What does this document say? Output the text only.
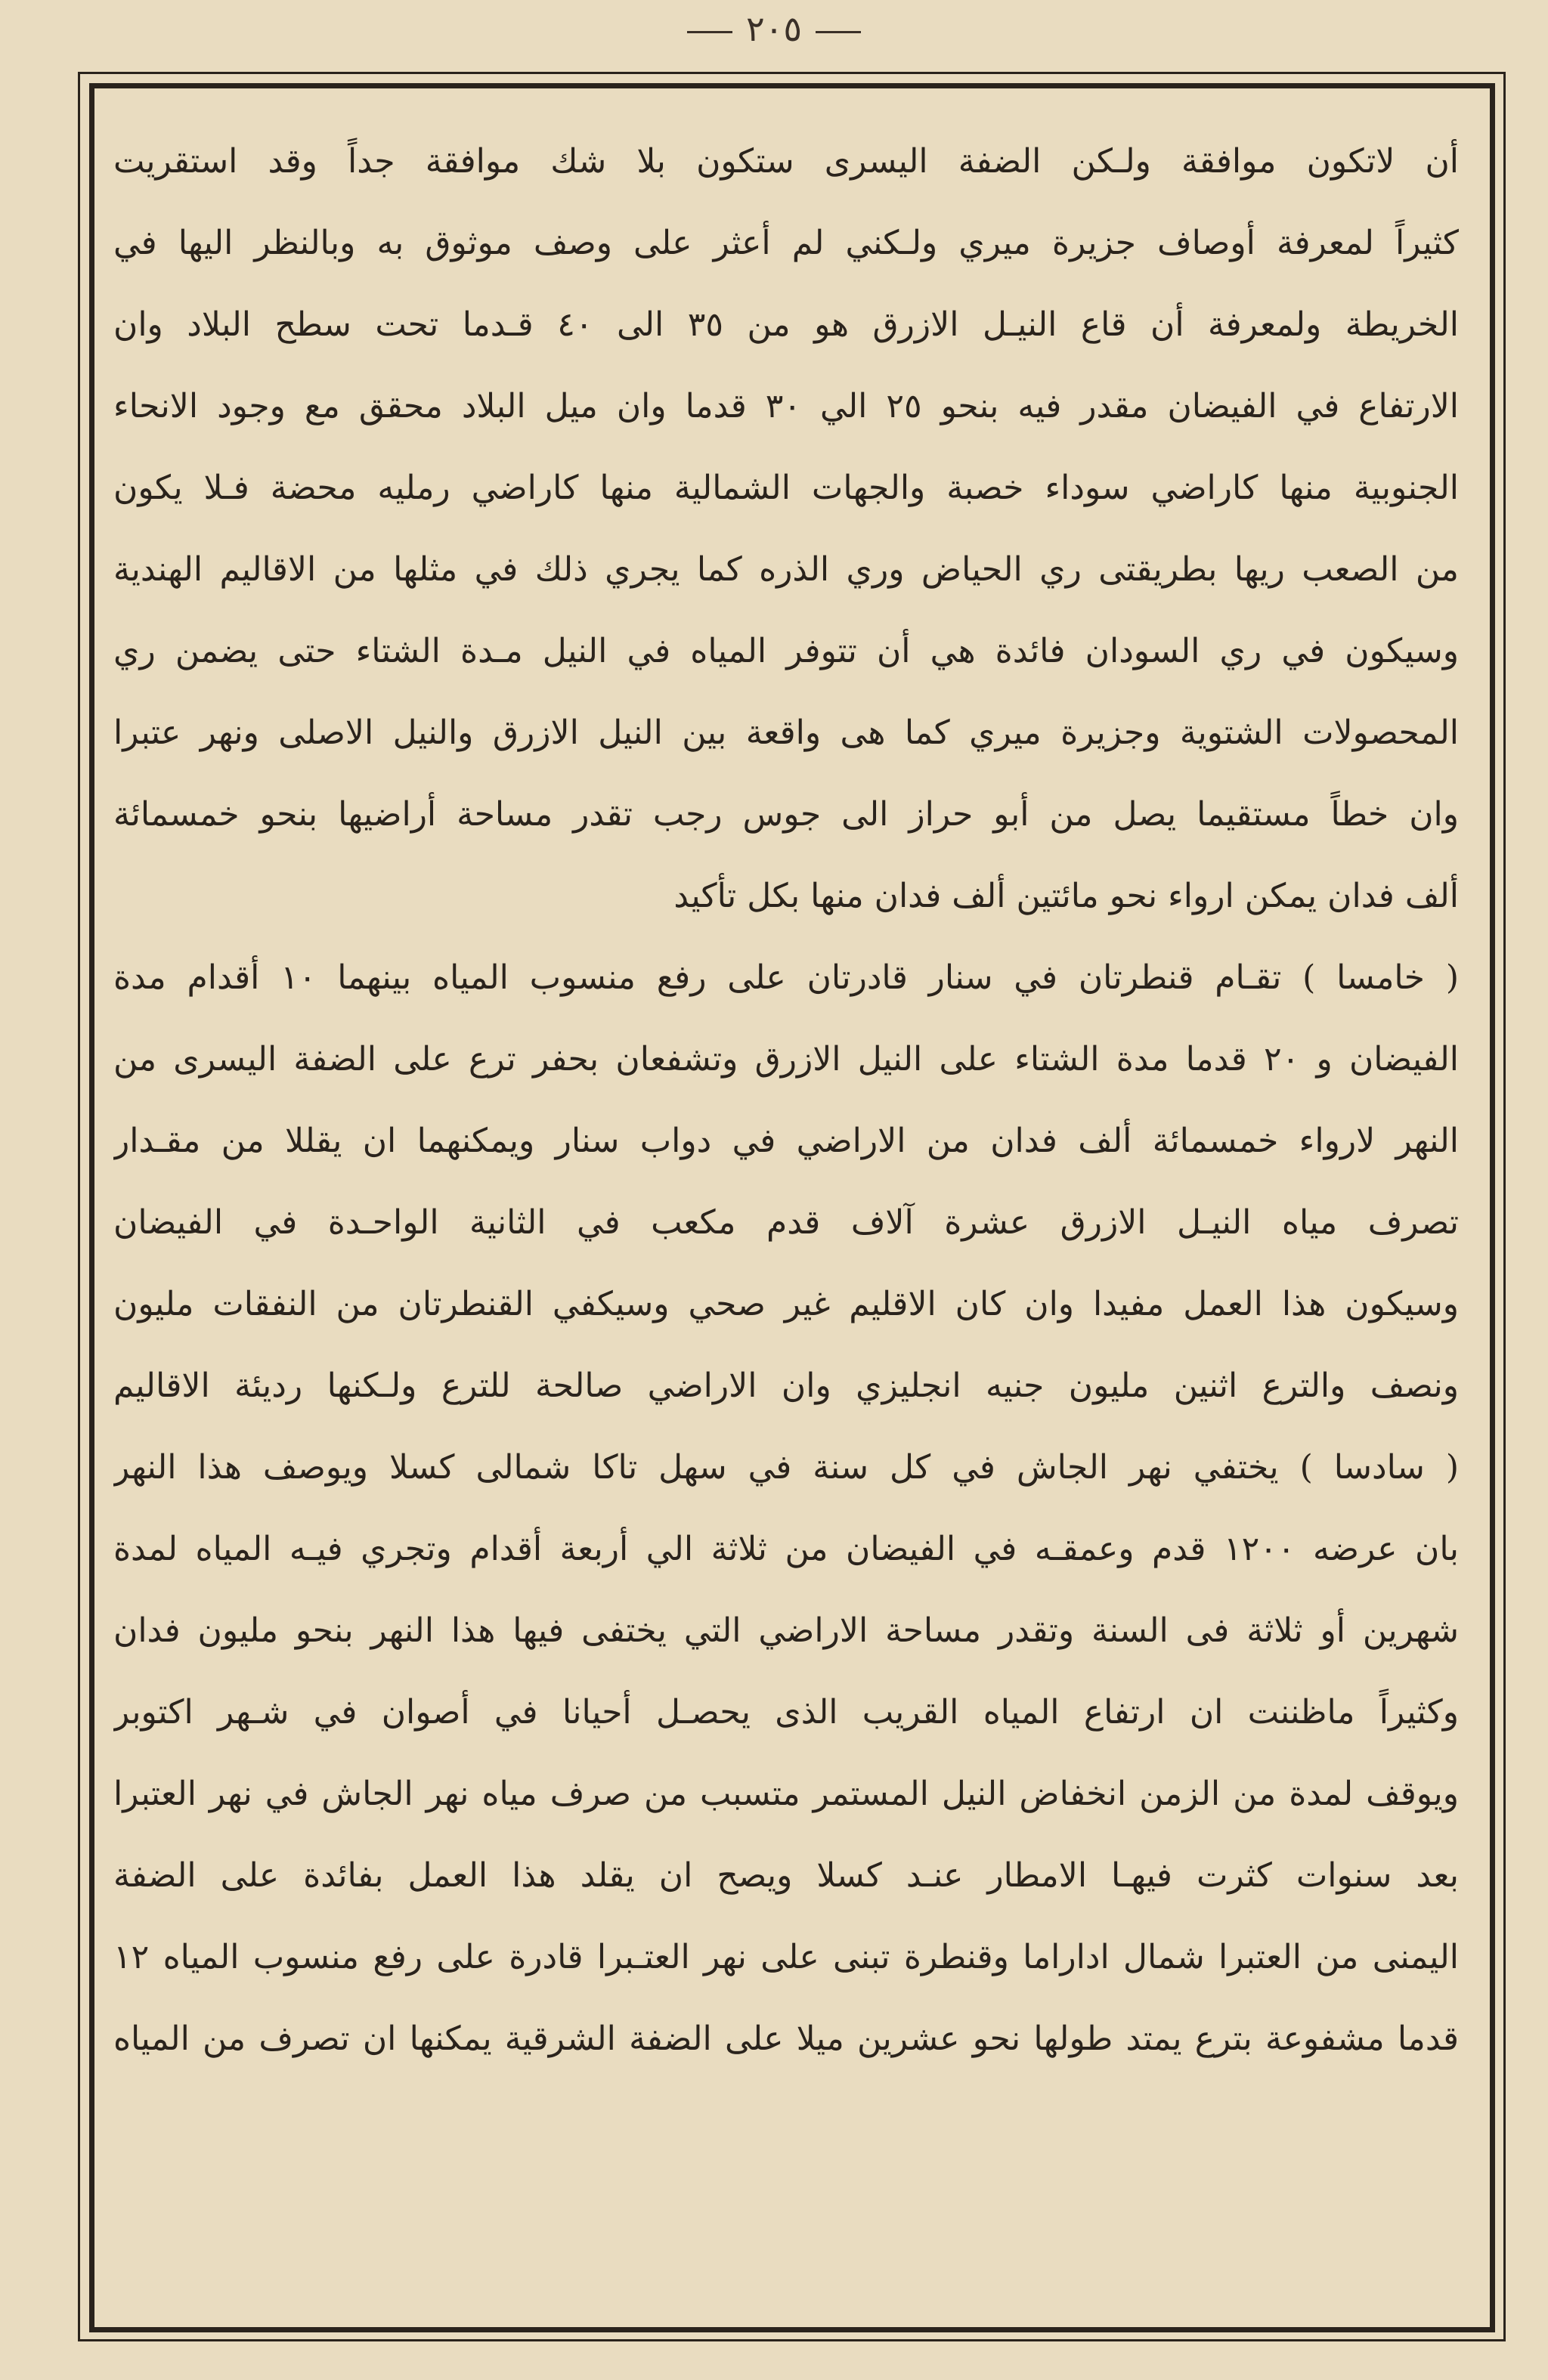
٢٠٥
أن لاتكون موافقة ولـكن الضفة اليسرى ستكون بلا شك موافقة جداً وقد استقريت
كثيراً لمعرفة أوصاف جزيرة ميري ولـكني لم أعثر على وصف موثوق به وبالنظر اليها في
الخريطة ولمعرفة أن قاع النيـل الازرق هو من ٣٥ الى ٤٠ قـدما تحت سطح البلاد وان
الارتفاع في الفيضان مقدر فيه بنحو ٢٥ الي ٣٠ قدما وان ميل البلاد محقق مع وجود الانحاء
الجنوبية منها كاراضي سوداء خصبة والجهات الشمالية منها كاراضي رمليه محضة فـلا يكون
من الصعب ريها بطريقتى ري الحياض وري الذره كما يجري ذلك في مثلها من الاقاليم الهندية
وسيكون في ري السودان فائدة هي أن تتوفر المياه في النيل مـدة الشتاء حتى يضمن ري
المحصولات الشتوية وجزيرة ميري كما هى واقعة بين النيل الازرق والنيل الاصلى ونهر عتبرا
وان خطاً مستقيما يصل من أبو حراز الى جوس رجب تقدر مساحة أراضيها بنحو خمسمائة
ألف فدان يمكن ارواء نحو مائتين ألف فدان منها بكل تأكيد
( خامسا ) تقـام قنطرتان في سنار قادرتان على رفع منسوب المياه بينهما ١٠ أقدام مدة
الفيضان و ٢٠ قدما مدة الشتاء على النيل الازرق وتشفعان بحفر ترع على الضفة اليسرى من
النهر لارواء خمسمائة ألف فدان من الاراضي في دواب سنار ويمكنهما ان يقللا من مقـدار
تصرف مياه النيـل الازرق عشرة آلاف قدم مكعب في الثانية الواحـدة في الفيضان
وسيكون هذا العمل مفيدا وان كان الاقليم غير صحي وسيكفي القنطرتان من النفقات مليون
ونصف والترع اثنين مليون جنيه انجليزي وان الاراضي صالحة للترع ولـكنها رديئة الاقاليم
( سادسا ) يختفي نهر الجاش في كل سنة في سهل تاكا شمالى كسلا ويوصف هذا النهر
بان عرضه ١٢٠٠ قدم وعمقـه في الفيضان من ثلاثة الي أربعة أقدام وتجري فيـه المياه لمدة
شهرين أو ثلاثة فى السنة وتقدر مساحة الاراضي التي يختفى فيها هذا النهر بنحو مليون فدان
وكثيراً ماظننت ان ارتفاع المياه القريب الذى يحصـل أحيانا في أصوان في شـهر اكتوبر
ويوقف لمدة من الزمن انخفاض النيل المستمر متسبب من صرف مياه نهر الجاش في نهر العتبرا
بعد سنوات كثرت فيهـا الامطار عنـد كسلا ويصح ان يقلد هذا العمل بفائدة على الضفة
اليمنى من العتبرا شمال اداراما وقنطرة تبنى على نهر العتـبرا قادرة على رفع منسوب المياه ١٢
قدما مشفوعة بترع يمتد طولها نحو عشرين ميلا على الضفة الشرقية يمكنها ان تصرف من المياه
